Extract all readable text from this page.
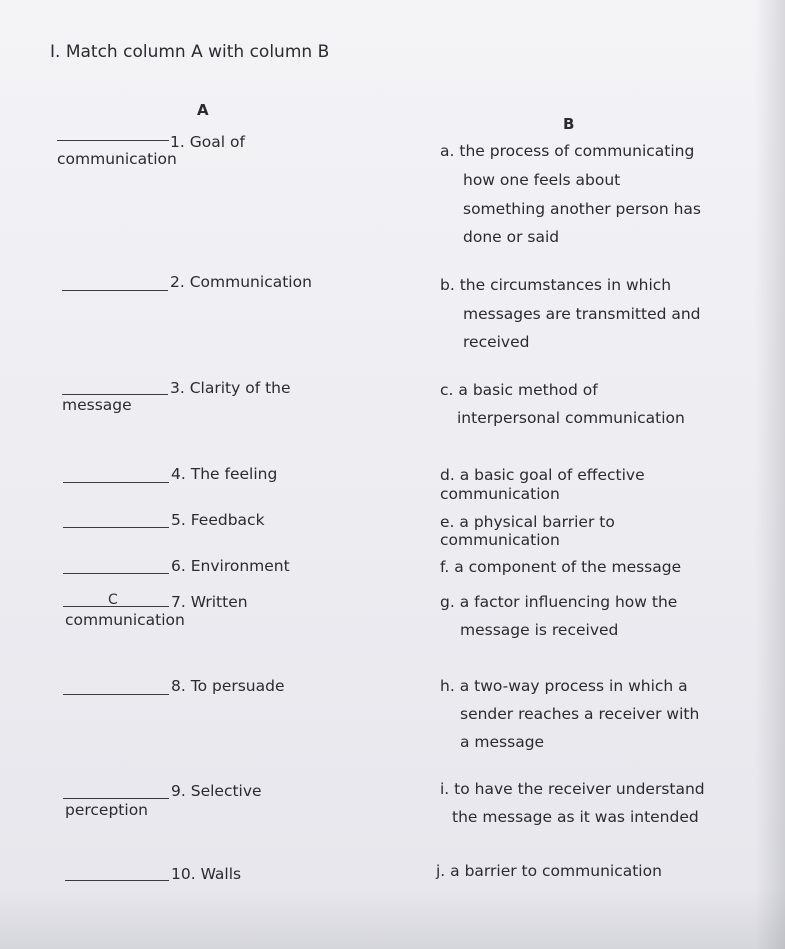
I. Match column A with column B
A
B
1. Goal of
communication
2. Communication
3. Clarity of the
message
4. The feeling
5. Feedback
6. Environment
C	7. Written
communication
8. To persuade
9. Selective
perception
10. Walls
a. the process of communicating
how one feels about
something another person has
done or said
b. the circumstances in which
messages are transmitted and
received
c. a basic method of
interpersonal communication
d. a basic goal of effective
communication
e. a physical barrier to
communication
f. a component of the message
g. a factor influencing how the
message is received
h. a two-way process in which a
sender reaches a receiver with
a message
i. to have the receiver understand
the message as it was intended
j. a barrier to communication
